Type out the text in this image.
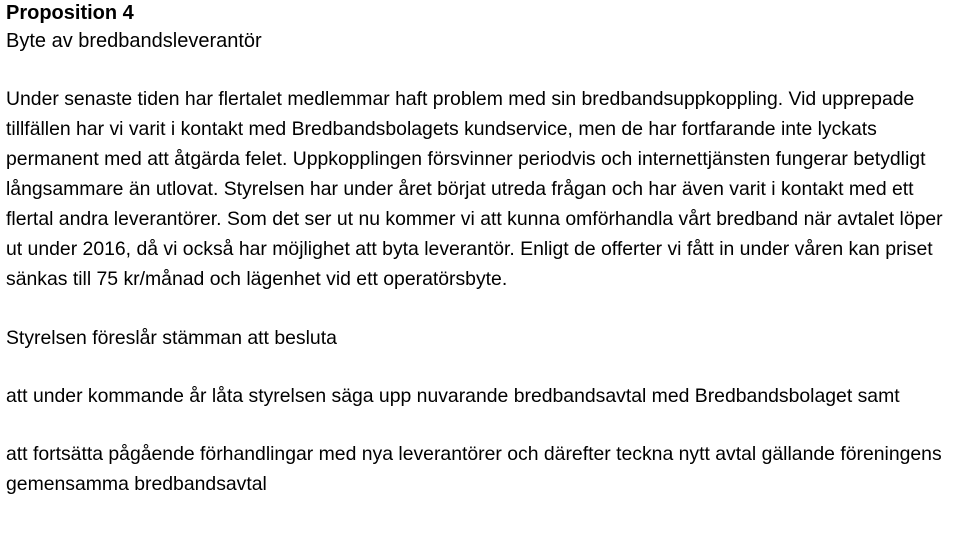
Proposition 4

Byte av bredbandsleverantör

Under senaste tiden har flertalet medlemmar haft problem med sin bredbandsuppkoppling. Vid upprepade tillfällen har vi varit i kontakt med Bredbandsbolagets kundservice, men de har fortfarande inte lyckats permanent med att åtgärda felet. Uppkopplingen försvinner periodvis och internettjänsten fungerar betydligt långsammare än utlovat. Styrelsen har under året börjat utreda frågan och har även varit i kontakt med ett flertal andra leverantörer. Som det ser ut nu kommer vi att kunna omförhandla vårt bredband när avtalet löper ut under 2016, då vi också har möjlighet att byta leverantör. Enligt de offerter vi fått in under våren kan priset sänkas till 75 kr/månad och lägenhet vid ett operatörsbyte.

Styrelsen föreslår stämman att besluta

att under kommande år låta styrelsen säga upp nuvarande bredbandsavtal med Bredbandsbolaget samt

att fortsätta pågående förhandlingar med nya leverantörer och därefter teckna nytt avtal gällande föreningens gemensamma bredbandsavtal
